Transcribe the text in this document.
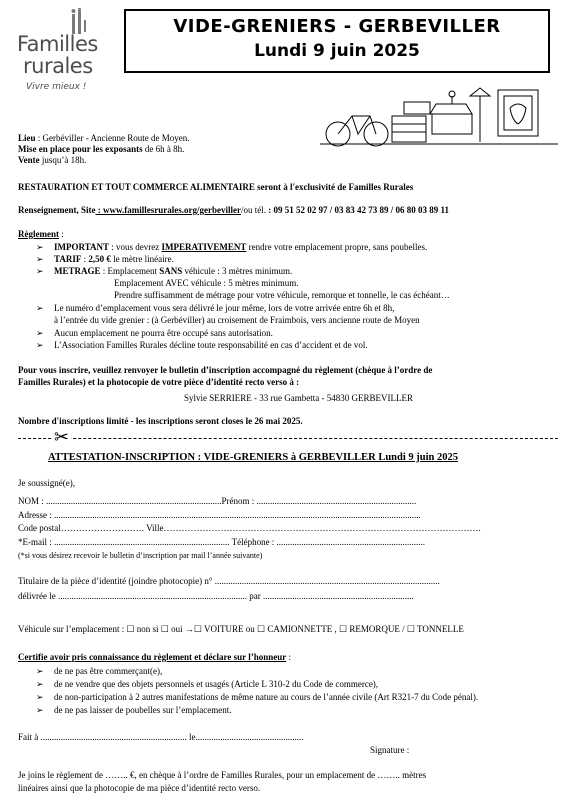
Familles
rurales
Vivre mieux !
VIDE-GRENIERS - GERBEVILLER
Lundi 9 juin 2025
Lieu : Gerbéviller - Ancienne Route de Moyen.
Mise en place pour les exposants de 6h à 8h.
Vente jusqu’à 18h.
RESTAURATION ET TOUT COMMERCE ALIMENTAIRE seront à l'exclusivité de Familles Rurales
Renseignement, Site : www.famillesrurales.org/gerbeviller/ou tél. : 09 51 52 02 97 / 03 83 42 73 89 / 06 80 03 89 11
Règlement :
➢ IMPORTANT : vous devrez IMPERATIVEMENT rendre votre emplacement propre, sans poubelles.
➢ TARIF : 2,50 € le mètre linéaire.
➢ METRAGE : Emplacement SANS véhicule : 3 mètres minimum.
Emplacement AVEC véhicule : 5 mètres minimum.
Prendre suffisamment de métrage pour votre véhicule, remorque et tonnelle, le cas échéant…
➢ Le numéro d’emplacement vous sera délivré le jour même, lors de votre arrivée entre 6h et 8h,
à l’entrée du vide grenier : (à Gerbéviller) au croisement de Fraimbois, vers ancienne route de Moyen
➢ Aucun emplacement ne pourra être occupé sans autorisation.
➢ L’Association Familles Rurales décline toute responsabilité en cas d’accident et de vol.
Pour vous inscrire, veuillez renvoyer le bulletin d’inscription accompagné du règlement (chèque à l’ordre de
Familles Rurales) et la photocopie de votre pièce d’identité recto verso à :
Sylvie SERRIERE - 33 rue Gambetta - 54830 GERBEVILLER
Nombre d'inscriptions limité - les inscriptions seront closes le 26 mai 2025.
✂
ATTESTATION-INSCRIPTION : VIDE-GRENIERS à GERBEVILLER Lundi 9 juin 2025
Je soussigné(e),
NOM : ..............................................................................Prénom : .......................................................................
Adresse : ...................................................................................................................................................................
Code postal………………………. Ville…………………………………………………………………………………………….
*E-mail : .............................................................................. Téléphone : ..................................................................
(*si vous désirez recevoir le bulletin d’inscription par mail l’année suivante)
Titulaire de la pièce d’identité (joindre photocopie) n° ....................................................................................................
délivrée le .................................................................................... par ...................................................................
Véhicule sur l’emplacement : ☐ non si ☐ oui →☐ VOITURE ou ☐ CAMIONNETTE , ☐ REMORQUE / ☐ TONNELLE
Certifie avoir pris connaissance du règlement et déclare sur l’honneur :
➢ de ne pas être commerçant(e),
➢ de ne vendre que des objets personnels et usagés (Article L 310-2 du Code de commerce),
➢ de non-participation à 2 autres manifestations de même nature au cours de l’année civile (Art R321-7 du Code pénal).
➢ de ne pas laisser de poubelles sur l’emplacement.
Fait à ................................................................. le................................................
Signature :
Je joins le règlement de …….. €, en chèque à l’ordre de Familles Rurales, pour un emplacement de …….. mètres
linéaires ainsi que la photocopie de ma pièce d’identité recto verso.
